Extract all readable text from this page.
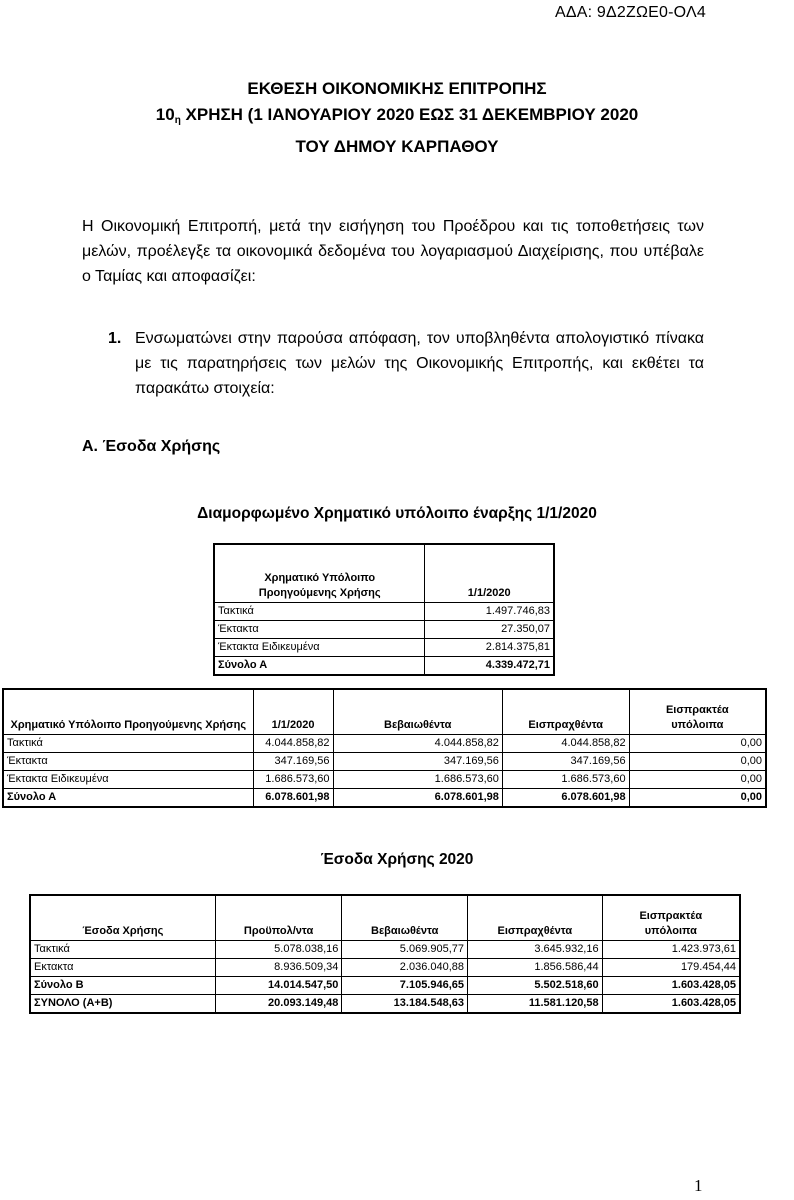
ΑΔΑ: 9Δ2ΖΩΕ0-ΟΛ4
ΕΚΘΕΣΗ ΟΙΚΟΝΟΜΙΚΗΣ ΕΠΙΤΡΟΠΗΣ
$10_\eta$ ΧΡΗΣΗ (1 ΙΑΝΟΥΑΡΙΟΥ 2020 ΕΩΣ 31 ΔΕΚΕΜΒΡΙΟΥ 2020
ΤΟΥ ΔΗΜΟΥ ΚΑΡΠΑΘΟΥ
Η Οικονομική Επιτροπή, μετά την εισήγηση του Προέδρου και τις τοποθετήσεις των μελών, προέλεγξε τα οικονομικά δεδομένα του λογαριασμού Διαχείρισης, που υπέβαλε ο Ταμίας και αποφασίζει:
1. Ενσωματώνει στην παρούσα απόφαση, τον υποβληθέντα απολογιστικό πίνακα με τις παρατηρήσεις των μελών της Οικονομικής Επιτροπής, και εκθέτει τα παρακάτω στοιχεία:
Α. Έσοδα Χρήσης
Διαμορφωμένο Χρηματικό υπόλοιπο έναρξης 1/1/2020
Χρηματικό Υπόλοιπο Προηγούμενης Χρήσης	1/1/2020
Τακτικά	1.497.746,83
Έκτακτα	27.350,07
Έκτακτα Ειδικευμένα	2.814.375,81
Σύνολο Α	4.339.472,71
Χρηματικό Υπόλοιπο Προηγούμενης Χρήσης	1/1/2020	Βεβαιωθέντα	Εισπραχθέντα	Εισπρακτέα υπόλοιπα
Τακτικά	4.044.858,82	4.044.858,82	4.044.858,82	0,00
Έκτακτα	347.169,56	347.169,56	347.169,56	0,00
Έκτακτα Ειδικευμένα	1.686.573,60	1.686.573,60	1.686.573,60	0,00
Σύνολο Α	6.078.601,98	6.078.601,98	6.078.601,98	0,00
Έσοδα Χρήσης 2020
Έσοδα Χρήσης	Προϋπολ/ντα	Βεβαιωθέντα	Εισπραχθέντα	Εισπρακτέα υπόλοιπα
Τακτικά	5.078.038,16	5.069.905,77	3.645.932,16	1.423.973,61
Εκτακτα	8.936.509,34	2.036.040,88	1.856.586,44	179.454,44
Σύνολο Β	14.014.547,50	7.105.946,65	5.502.518,60	1.603.428,05
ΣΥΝΟΛΟ (Α+Β)	20.093.149,48	13.184.548,63	11.581.120,58	1.603.428,05
1
